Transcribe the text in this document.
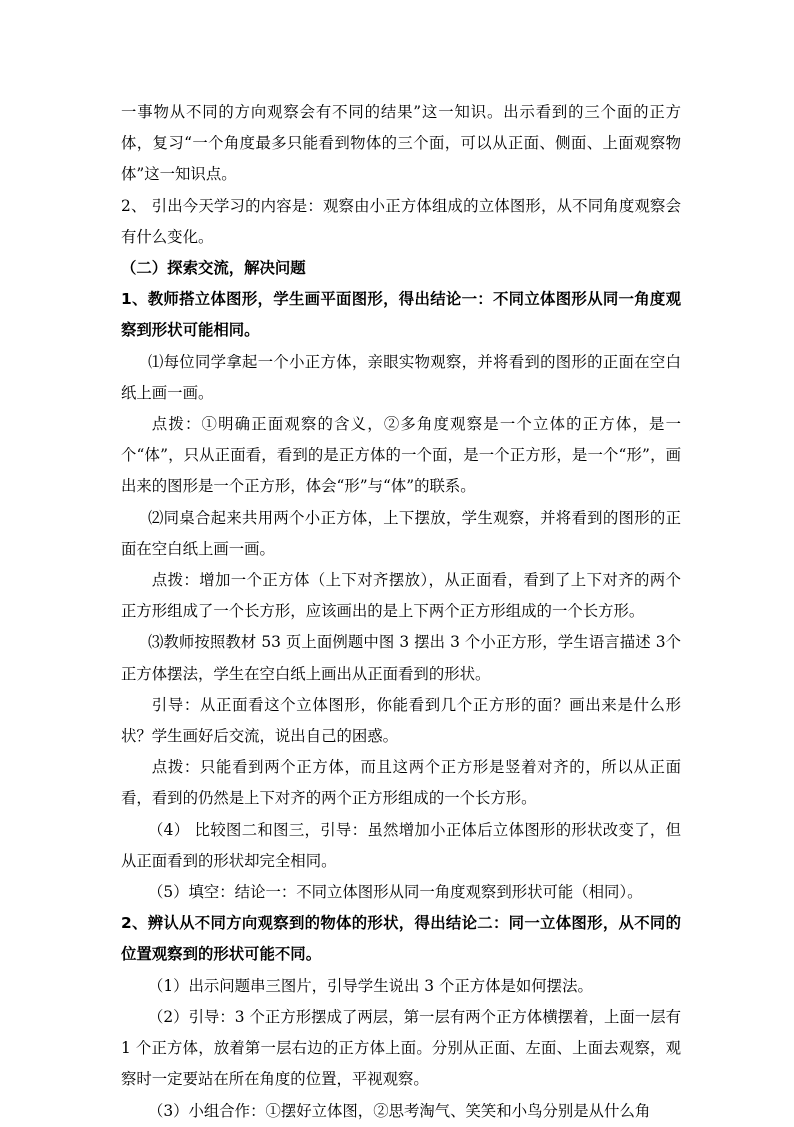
一事物从不同的方向观察会有不同的结果”这一知识。出示看到的三个面的正方体，复习“一个角度最多只能看到物体的三个面，可以从正面、侧面、上面观察物体”这一知识点。

2、 引出今天学习的内容是：观察由小正方体组成的立体图形，从不同角度观察会有什么变化。

（二）探索交流，解决问题

1、教师搭立体图形，学生画平面图形，得出结论一：不同立体图形从同一角度观察到形状可能相同。

⑴每位同学拿起一个小正方体，亲眼实物观察，并将看到的图形的正面在空白纸上画一画。

点拨：①明确正面观察的含义，②多角度观察是一个立体的正方体，是一个“体”，只从正面看，看到的是正方体的一个面，是一个正方形，是一个“形”，画出来的图形是一个正方形，体会“形”与“体”的联系。

⑵同桌合起来共用两个小正方体，上下摆放，学生观察，并将看到的图形的正面在空白纸上画一画。

点拨：增加一个正方体（上下对齐摆放），从正面看，看到了上下对齐的两个正方形组成了一个长方形，应该画出的是上下两个正方形组成的一个长方形。

⑶教师按照教材 53 页上面例题中图 3 摆出 3 个小正方形，学生语言描述 3个正方体摆法，学生在空白纸上画出从正面看到的形状。

引导：从正面看这个立体图形，你能看到几个正方形的面？画出来是什么形状？学生画好后交流，说出自己的困惑。

点拨：只能看到两个正方体，而且这两个正方形是竖着对齐的，所以从正面看，看到的仍然是上下对齐的两个正方形组成的一个长方形。

（4） 比较图二和图三，引导：虽然增加小正体后立体图形的形状改变了，但从正面看到的形状却完全相同。

（5）填空：结论一：不同立体图形从同一角度观察到形状可能（相同）。

2、辨认从不同方向观察到的物体的形状，得出结论二：同一立体图形，从不同的位置观察到的形状可能不同。

（1）出示问题串三图片，引导学生说出 3 个正方体是如何摆法。

（2）引导：3 个正方形摆成了两层，第一层有两个正方体横摆着，上面一层有 1 个正方体，放着第一层右边的正方体上面。分别从正面、左面、上面去观察，观察时一定要站在所在角度的位置，平视观察。

（3）小组合作：①摆好立体图，②思考淘气、笑笑和小鸟分别是从什么角
